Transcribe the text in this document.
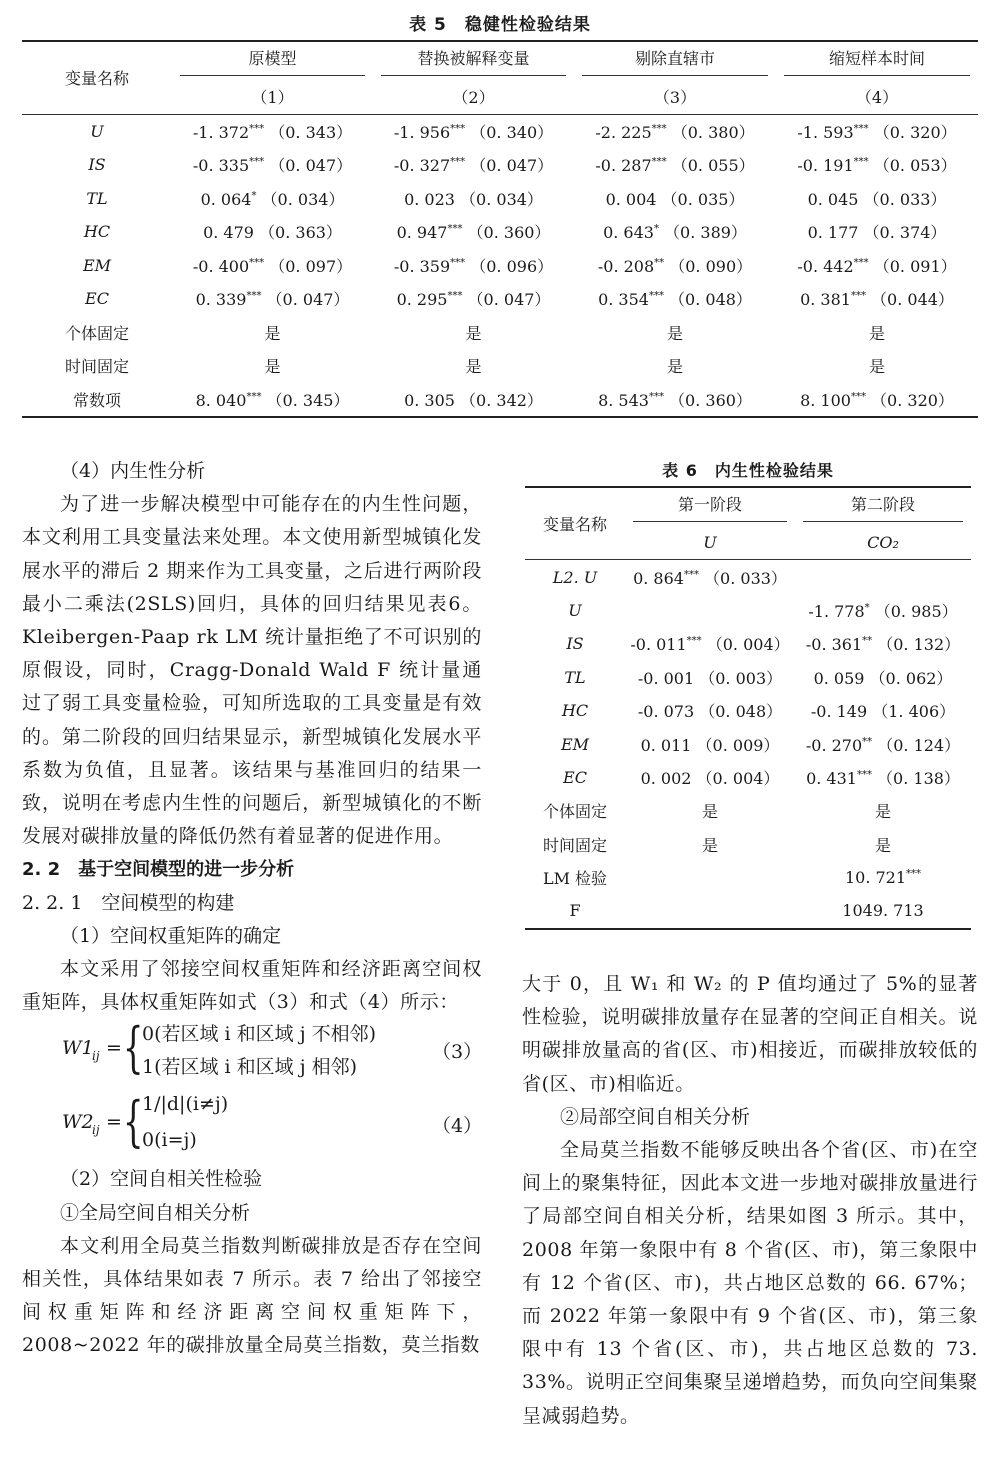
表 5　稳健性检验结果
变量名称	原模型	替换被解释变量	剔除直辖市	缩短样本时间

	（1）	（2）	（3）	（4）
U	-1. 372*** （0. 343）	-1. 956*** （0. 340）	-2. 225*** （0. 380）	-1. 593*** （0. 320）
IS	-0. 335*** （0. 047）	-0. 327*** （0. 047）	-0. 287*** （0. 055）	-0. 191*** （0. 053）
TL	0. 064* （0. 034）	0. 023 （0. 034）	0. 004 （0. 035）	0. 045 （0. 033）
HC	0. 479 （0. 363）	0. 947*** （0. 360）	0. 643* （0. 389）	0. 177 （0. 374）
EM	-0. 400*** （0. 097）	-0. 359*** （0. 096）	-0. 208** （0. 090）	-0. 442*** （0. 091）
EC	0. 339*** （0. 047）	0. 295*** （0. 047）	0. 354*** （0. 048）	0. 381*** （0. 044）
个体固定	是	是	是	是
时间固定	是	是	是	是
常数项	8. 040*** （0. 345）	0. 305 （0. 342）	8. 543*** （0. 360）	8. 100*** （0. 320）
（4）内生性分析
为了进一步解决模型中可能存在的内生性问题，本文利用工具变量法来处理。本文使用新型城镇化发展水平的滞后 2 期来作为工具变量，之后进行两阶段最小二乘法(2SLS)回归，具体的回归结果见表6。Kleibergen-Paap rk LM 统计量拒绝了不可识别的原假设，同时，Cragg-Donald Wald F 统计量通过了弱工具变量检验，可知所选取的工具变量是有效的。第二阶段的回归结果显示，新型城镇化发展水平系数为负值，且显著。该结果与基准回归的结果一致，说明在考虑内生性的问题后，新型城镇化的不断发展对碳排放量的降低仍然有着显著的促进作用。
2. 2　基于空间模型的进一步分析
2. 2. 1　空间模型的构建
（1）空间权重矩阵的确定
本文采用了邻接空间权重矩阵和经济距离空间权重矩阵，具体权重矩阵如式（3）和式（4）所示：
W1
ij = {
0(若区域 i 和区域 j 不相邻)
1(若区域 i 和区域 j 相邻)
（3）
W2
ij = {
1/|d|(i≠j)
0(i=j)
（4）
（2）空间自相关性检验
①全局空间自相关分析
本文利用全局莫兰指数判断碳排放是否存在空间相关性，具体结果如表 7 所示。表 7 给出了邻接空间权重矩阵和经济距离空间权重矩阵下，2008~2022 年的碳排放量全局莫兰指数，莫兰指数
表 6　内生性检验结果
变量名称	第一阶段	第二阶段

	U	CO₂
L2. U	0. 864*** （0. 033）	
U		-1. 778* （0. 985）
IS	-0. 011*** （0. 004）	-0. 361** （0. 132）
TL	-0. 001 （0. 003）	0. 059 （0. 062）
HC	-0. 073 （0. 048）	-0. 149 （1. 406）
EM	0. 011 （0. 009）	-0. 270** （0. 124）
EC	0. 002 （0. 004）	0. 431*** （0. 138）
个体固定	是	是
时间固定	是	是
LM 检验		10. 721***
F		1049. 713
大于 0，且 W₁ 和 W₂ 的 P 值均通过了 5%的显著性检验，说明碳排放量存在显著的空间正自相关。说明碳排放量高的省(区、市)相接近，而碳排放较低的省(区、市)相临近。
②局部空间自相关分析
全局莫兰指数不能够反映出各个省(区、市)在空间上的聚集特征，因此本文进一步地对碳排放量进行了局部空间自相关分析，结果如图 3 所示。其中，2008 年第一象限中有 8 个省(区、市)，第三象限中有 12 个省(区、市)，共占地区总数的 66. 67%；而 2022 年第一象限中有 9 个省(区、市)，第三象限中有 13 个省(区、市)，共占地区总数的 73. 33%。说明正空间集聚呈递增趋势，而负向空间集聚呈减弱趋势。
